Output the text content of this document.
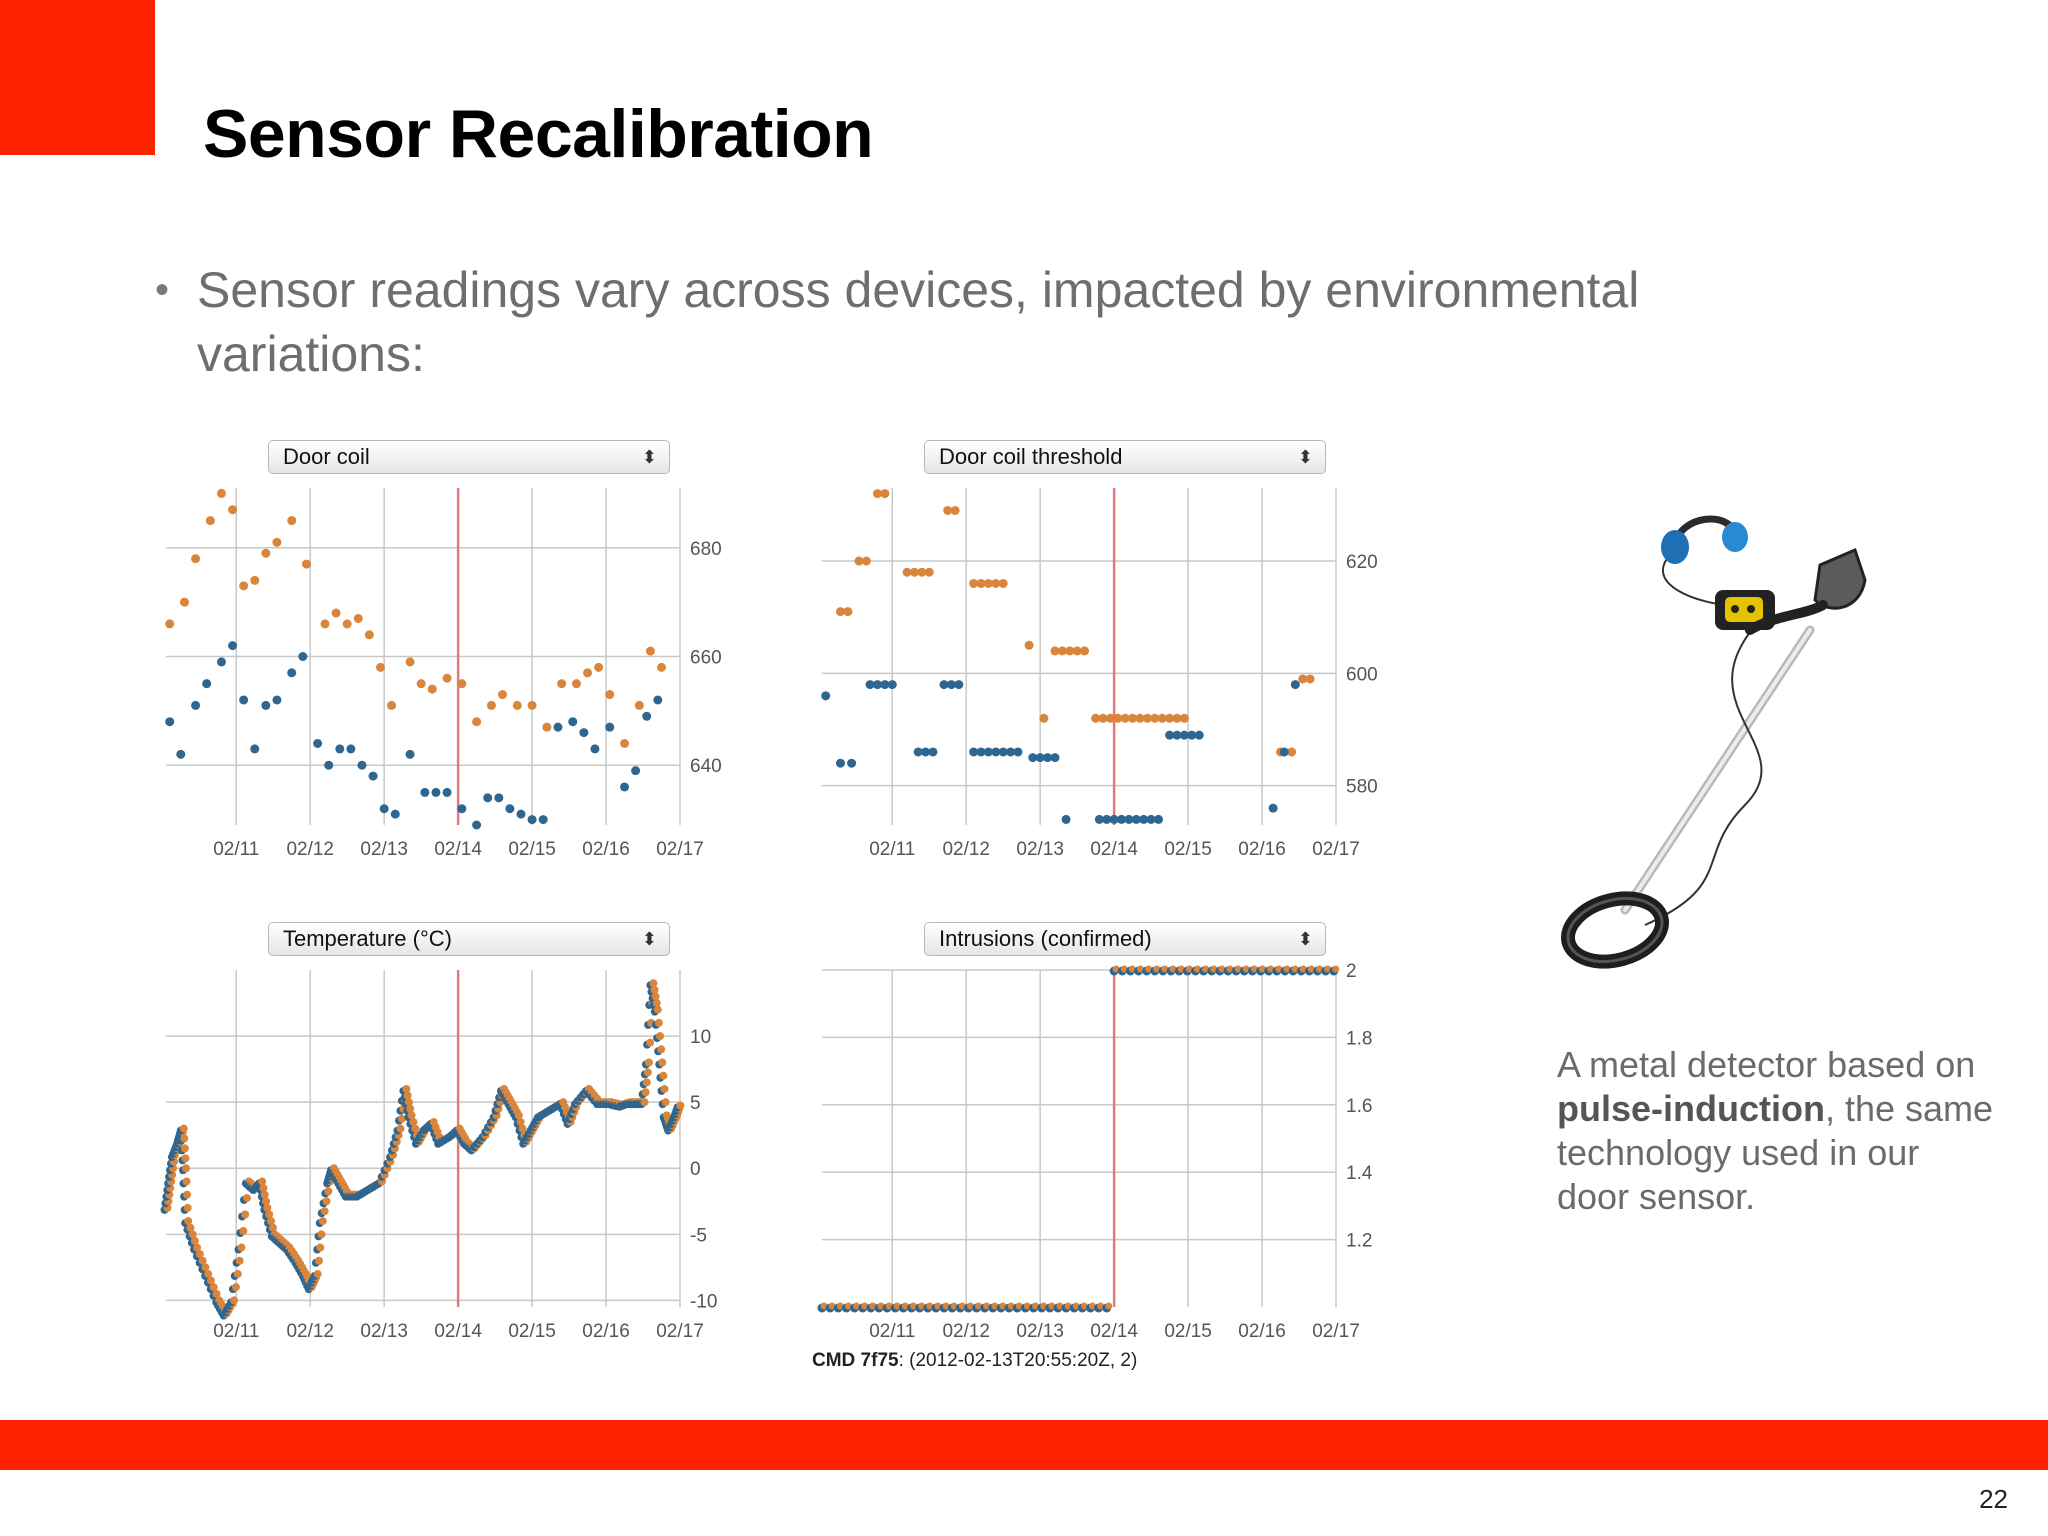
Sensor Recalibration
• Sensor readings vary across devices, impacted by environmental variations:
Door coil	⬍
02/11 02/12 02/13 02/14 02/15 02/16 02/17
640
660
680
Door coil threshold	⬍
02/11 02/12 02/13 02/14 02/15 02/16 02/17
580
600
620
Temperature (°C)	⬍
02/11 02/12 02/13 02/14 02/15 02/16 02/17
10
5
0
-5
-10
Intrusions (confirmed)	⬍
02/11 02/12 02/13 02/14 02/15 02/16 02/17
1.2
1.4
1.6
1.8
2
CMD 7f75: (2012-02-13T20:55:20Z, 2)
A metal detector based on pulse-induction, the same technology used in our door sensor.
22
